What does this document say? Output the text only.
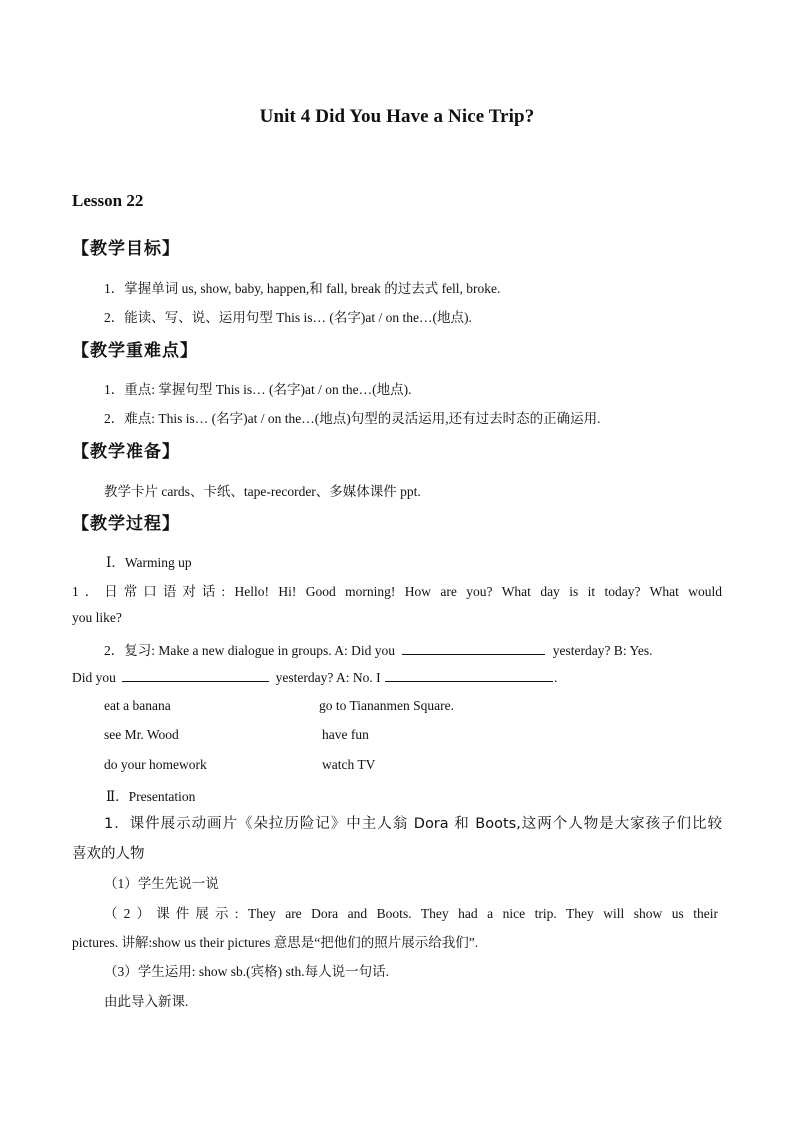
Unit 4 Did You Have a Nice Trip?
Lesson 22
【教学目标】
1．掌握单词 us, show, baby, happen,和 fall, break 的过去式 fell, broke.
2．能读、写、说、运用句型 This is… (名字)at / on the…(地点).
【教学重难点】
1．重点: 掌握句型 This is… (名字)at / on the…(地点).
2．难点: This is… (名字)at / on the…(地点)句型的灵活运用,还有过去时态的正确运用.
【教学准备】
教学卡片 cards、卡纸、tape-recorder、多媒体课件 ppt.
【教学过程】
Ⅰ．Warming up
1．日常口语对话: Hello! Hi! Good morning! How are you? What day is it today? What would
you like?
2．复习: Make a new dialogue in groups. A: Did you	yesterday? B: Yes.
Did you	yesterday? A: No. I	.
eat a banana	go to Tiananmen Square.
see Mr. Wood	have fun
do your homework	watch TV
Ⅱ．Presentation
1．课件展示动画片《朵拉历险记》中主人翁 Dora 和 Boots,这两个人物是大家孩子们比较
喜欢的人物
（1）学生先说一说
（2）课件展示: They are Dora and Boots. They had a nice trip. They will show us their
pictures. 讲解:show us their pictures 意思是“把他们的照片展示给我们”.
（3）学生运用: show sb.(宾格) sth.每人说一句话.
由此导入新课.
